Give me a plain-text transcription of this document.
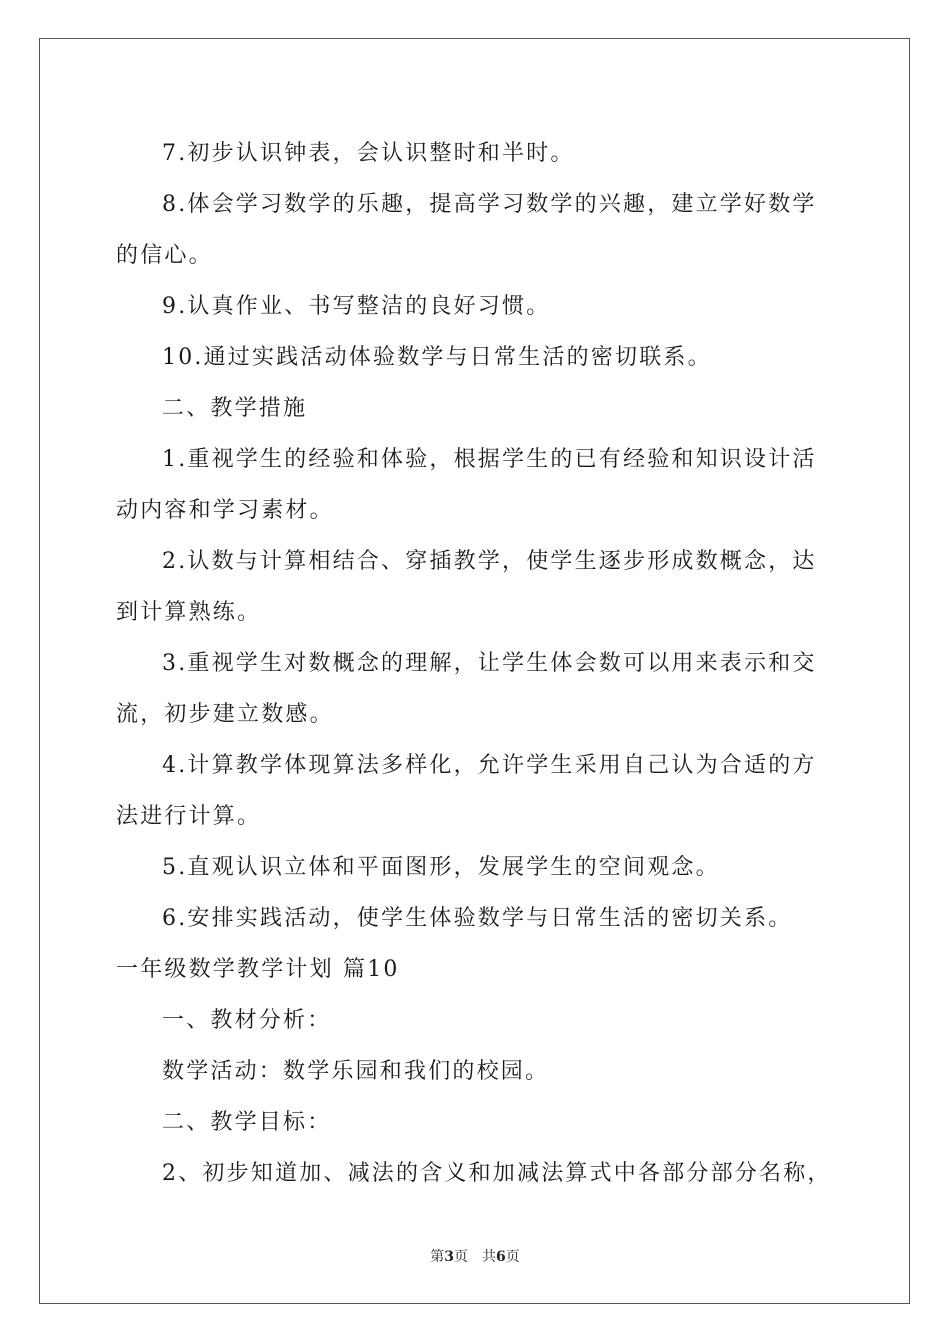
7.初步认识钟表，会认识整时和半时。

8.体会学习数学的乐趣，提高学习数学的兴趣，建立学好数学的信心。

9.认真作业、书写整洁的良好习惯。

10.通过实践活动体验数学与日常生活的密切联系。

二、教学措施

1.重视学生的经验和体验，根据学生的已有经验和知识设计活动内容和学习素材。

2.认数与计算相结合、穿插教学，使学生逐步形成数概念，达到计算熟练。

3.重视学生对数概念的理解，让学生体会数可以用来表示和交流，初步建立数感。

4.计算教学体现算法多样化，允许学生采用自己认为合适的方法进行计算。

5.直观认识立体和平面图形，发展学生的空间观念。

6.安排实践活动，使学生体验数学与日常生活的密切关系。

一年级数学教学计划 篇10

一、教材分析：

数学活动：数学乐园和我们的校园。

二、教学目标：

2、初步知道加、减法的含义和加减法算式中各部分部分名称，

第3页 共6页
